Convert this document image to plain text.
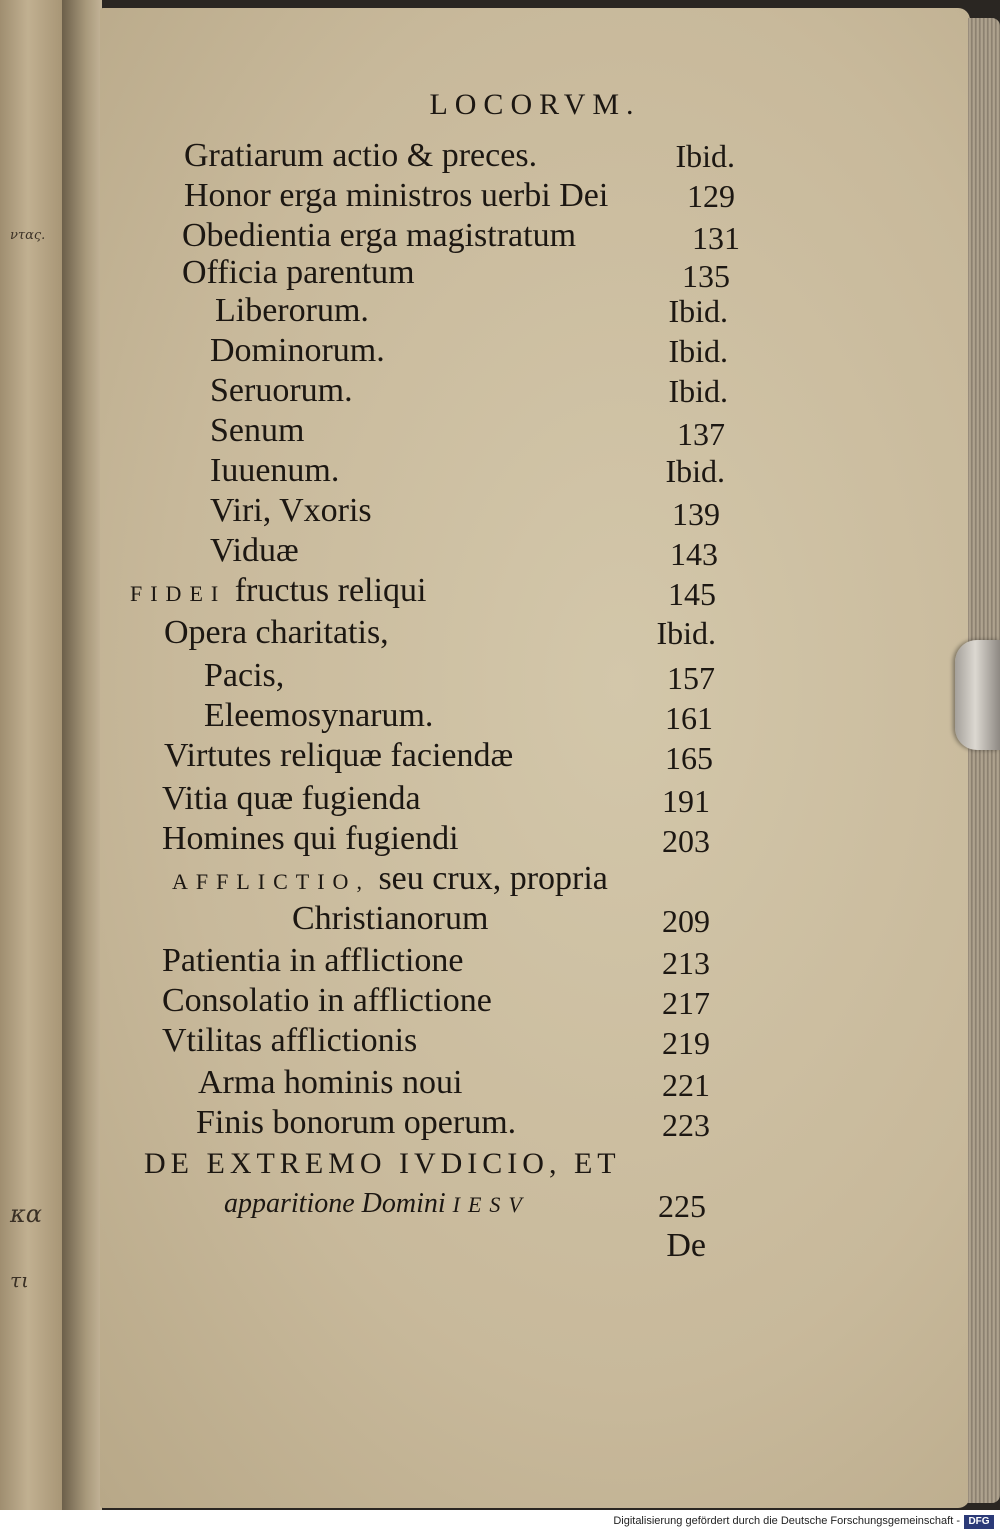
ντας.
κα
τι
LOCORVM.
Gratiarum actio & preces.	Ibid.
Honor erga ministros uerbi Dei	129
Obedientia erga magistratum	131
Officia parentum	135
Liberorum.	Ibid.
Dominorum.	Ibid.
Seruorum.	Ibid.
Senum	137
Iuuenum.	Ibid.
Viri, Vxoris	139
Viduæ	143
FIDEI fructus reliqui	145
Opera charitatis,	Ibid.
Pacis,	157
Eleemosynarum.	161
Virtutes reliquæ faciendæ	165
Vitia quæ fugienda	191
Homines qui fugiendi	203
AFFLICTIO, seu crux, propria
Christianorum	209
Patientia in afflictione	213
Consolatio in afflictione	217
Vtilitas afflictionis	219
Arma hominis noui	221
Finis bonorum operum.	223
DE EXTREMO IVDICIO, ET
apparitione Domini IESV	225
De
Digitalisierung gefördert durch die Deutsche Forschungsgemeinschaft - DFG
